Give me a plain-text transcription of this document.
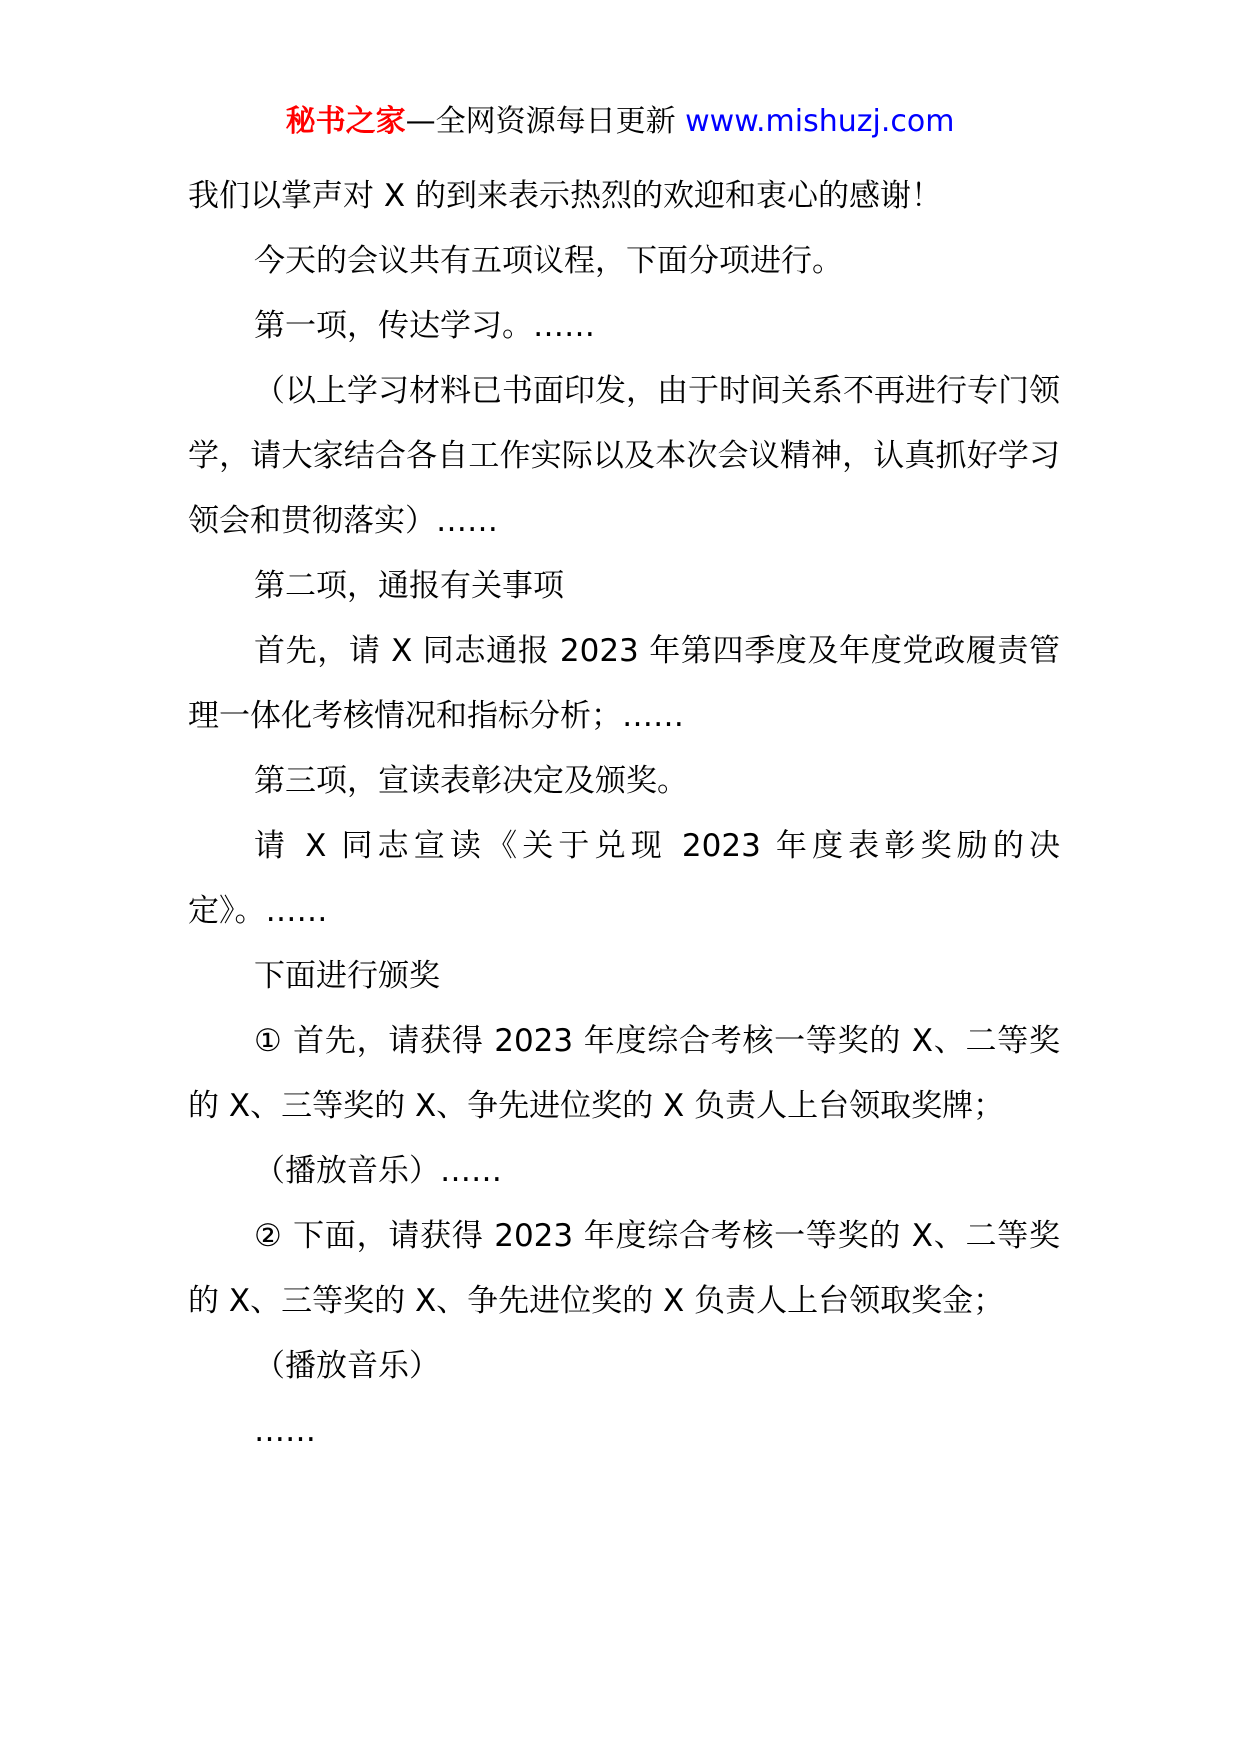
秘书之家—全网资源每日更新 www.mishuzj.com

我们以掌声对 X 的到来表示热烈的欢迎和衷心的感谢！

今天的会议共有五项议程，下面分项进行。

第一项，传达学习。……

（以上学习材料已书面印发，由于时间关系不再进行专门领学，请大家结合各自工作实际以及本次会议精神，认真抓好学习领会和贯彻落实）……

第二项，通报有关事项

首先，请 X 同志通报 2023 年第四季度及年度党政履责管理一体化考核情况和指标分析；……

第三项，宣读表彰决定及颁奖。

请 X 同志宣读《关于兑现 2023 年度表彰奖励的决定》。……

下面进行颁奖

① 首先，请获得 2023 年度综合考核一等奖的 X、二等奖的 X、三等奖的 X、争先进位奖的 X 负责人上台领取奖牌；

（播放音乐）……

② 下面，请获得 2023 年度综合考核一等奖的 X、二等奖的 X、三等奖的 X、争先进位奖的 X 负责人上台领取奖金；

（播放音乐）

……
